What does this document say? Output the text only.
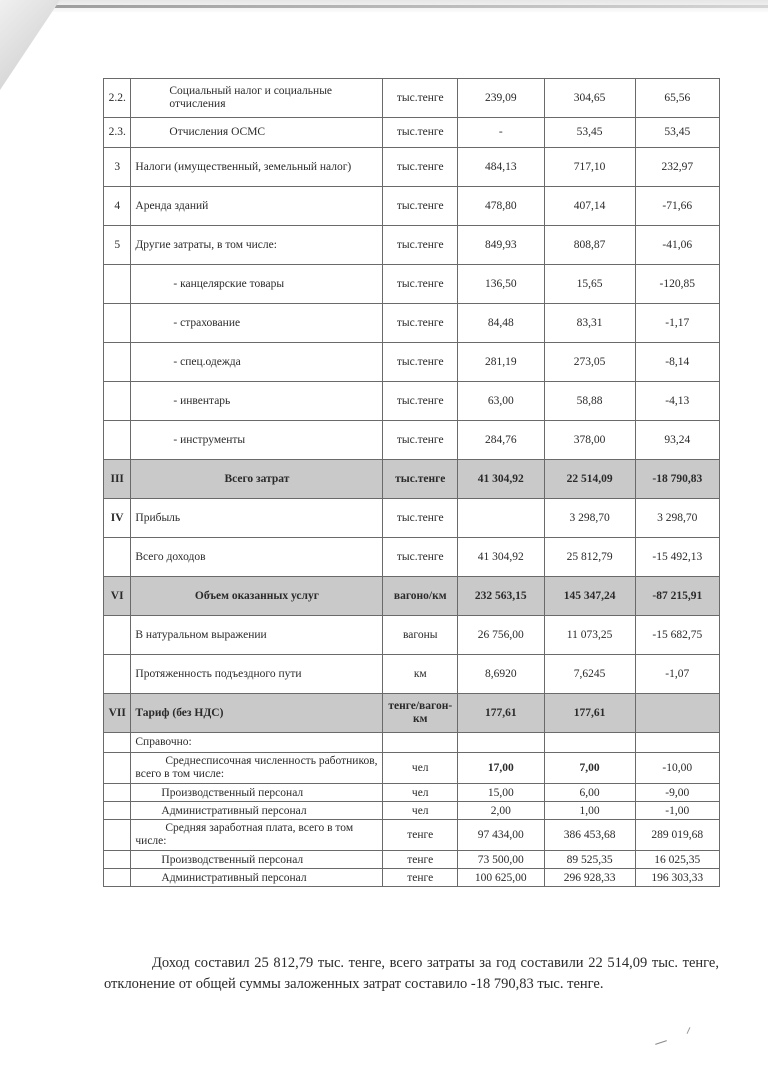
2.2.	Социальный налог и социальные отчисления	тыс.тенге	239,09	304,65	65,56
2.3.	Отчисления ОСМС	тыс.тенге	-	53,45	53,45
3	Налоги (имущественный, земельный налог)	тыс.тенге	484,13	717,10	232,97
4	Аренда зданий	тыс.тенге	478,80	407,14	-71,66
5	Другие затраты, в том числе:	тыс.тенге	849,93	808,87	-41,06
	- канцелярские товары	тыс.тенге	136,50	15,65	-120,85
	- страхование	тыс.тенге	84,48	83,31	-1,17
	- спец.одежда	тыс.тенге	281,19	273,05	-8,14
	- инвентарь	тыс.тенге	63,00	58,88	-4,13
	- инструменты	тыс.тенге	284,76	378,00	93,24
III	Всего затрат	тыс.тенге	41 304,92	22 514,09	-18 790,83
IV	Прибыль	тыс.тенге		3 298,70	3 298,70
	Всего доходов	тыс.тенге	41 304,92	25 812,79	-15 492,13
VI	Объем оказанных услуг	вагоно/км	232 563,15	145 347,24	-87 215,91
	В натуральном выражении	вагоны	26 756,00	11 073,25	-15 682,75
	Протяженность подъездного пути	км	8,6920	7,6245	-1,07
VII	Тариф (без НДС)	тенге/вагон-км	177,61	177,61	
	Справочно:				
	Среднесписочная численность работников, всего в том числе:	чел	17,00	7,00	-10,00
	Производственный персонал	чел	15,00	6,00	-9,00
	Административный персонал	чел	2,00	1,00	-1,00
	Средняя заработная плата, всего в том числе:	тенге	97 434,00	386 453,68	289 019,68
	Производственный персонал	тенге	73 500,00	89 525,35	16 025,35
	Административный персонал	тенге	100 625,00	296 928,33	196 303,33

Доход составил 25 812,79 тыс. тенге, всего затраты за год составили 22 514,09 тыс. тенге, отклонение от общей суммы заложенных затрат составило -18 790,83 тыс. тенге.
